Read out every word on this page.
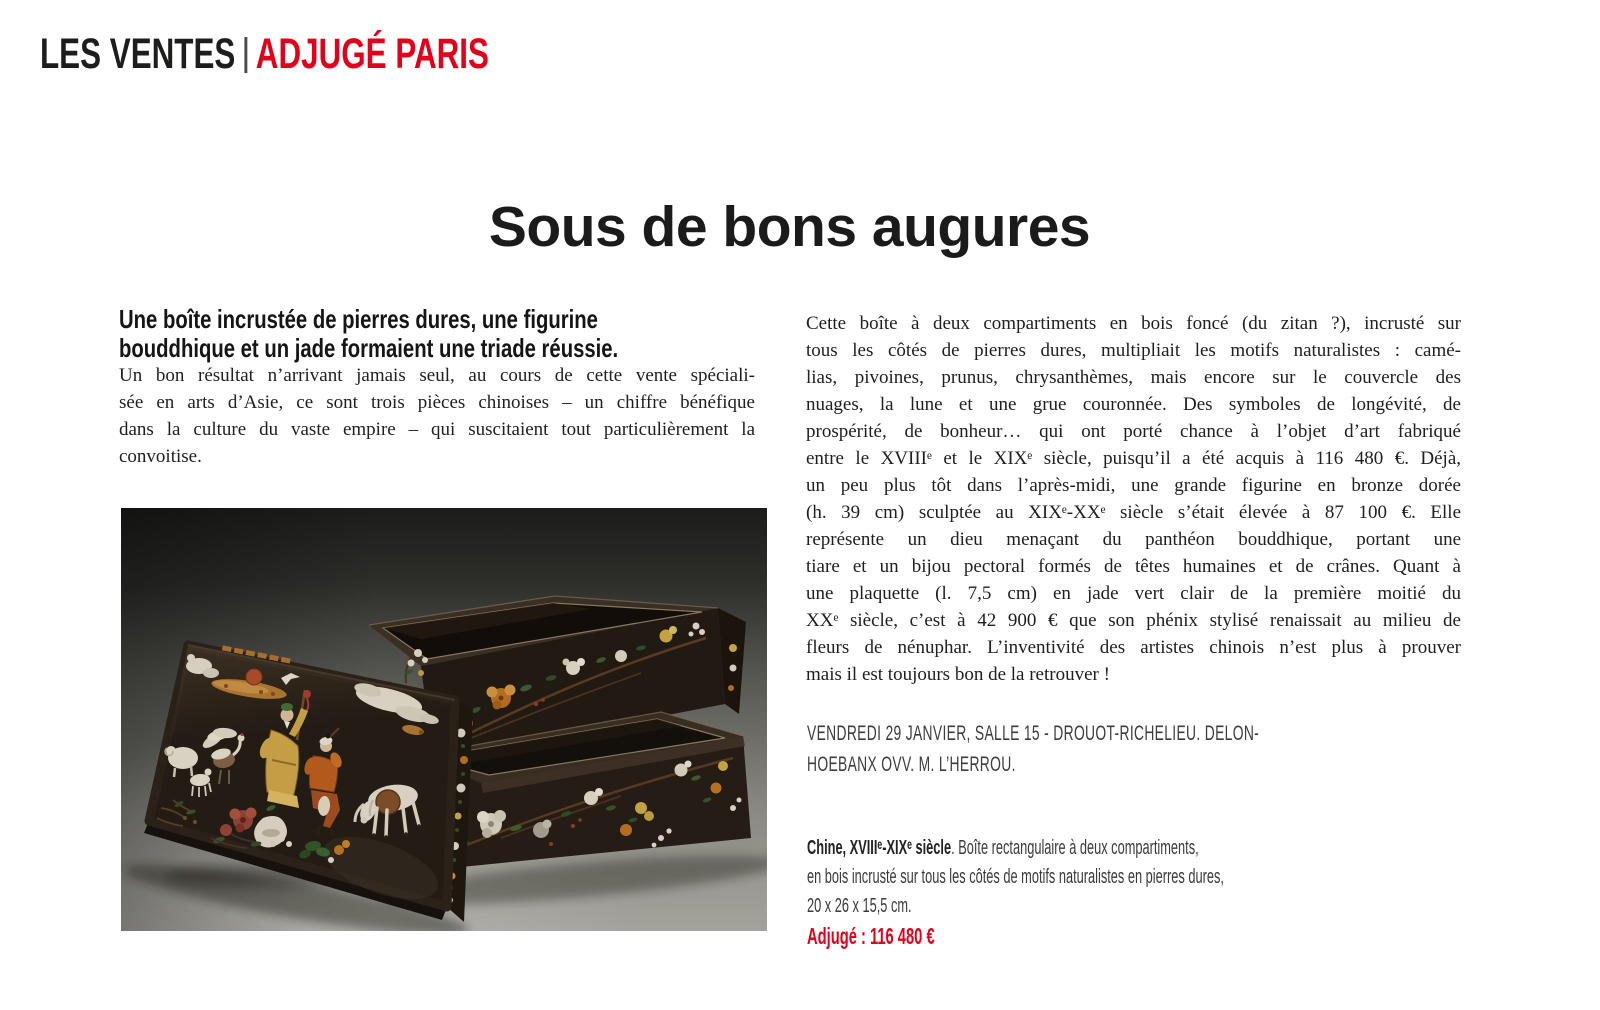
LES VENTES ADJUGÉ PARIS
Sous de bons augures
Une boîte incrustée de pierres dures, une figurine
bouddhique et un jade formaient une triade réussie.
Un bon résultat n’arrivant jamais seul, au cours de cette vente spéciali-
sée en arts d’Asie, ce sont trois pièces chinoises – un chiffre bénéfique
dans la culture du vaste empire – qui suscitaient tout particulièrement la
convoitise.
Cette boîte à deux compartiments en bois foncé (du zitan ?), incrusté sur
tous les côtés de pierres dures, multipliait les motifs naturalistes : camé-
lias, pivoines, prunus, chrysanthèmes, mais encore sur le couvercle des
nuages, la lune et une grue couronnée. Des symboles de longévité, de
prospérité, de bonheur… qui ont porté chance à l’objet d’art fabriqué
entre le XVIIIᵉ et le XIXᵉ siècle, puisqu’il a été acquis à 116 480 €. Déjà,
un peu plus tôt dans l’après-midi, une grande figurine en bronze dorée
(h. 39 cm) sculptée au XIXᵉ-XXᵉ siècle s’était élevée à 87 100 €. Elle
représente un dieu menaçant du panthéon bouddhique, portant une
tiare et un bijou pectoral formés de têtes humaines et de crânes. Quant à
une plaquette (l. 7,5 cm) en jade vert clair de la première moitié du
XXᵉ siècle, c’est à 42 900 € que son phénix stylisé renaissait au milieu de
fleurs de nénuphar. L’inventivité des artistes chinois n’est plus à prouver
mais il est toujours bon de la retrouver !
VENDREDI 29 JANVIER, SALLE 15 - DROUOT-RICHELIEU. DELON-
HOEBANX OVV. M. L’HERROU.
Chine, XVIIIᵉ-XIXᵉ siècle. Boîte rectangulaire à deux compartiments,
en bois incrusté sur tous les côtés de motifs naturalistes en pierres dures,
20 x 26 x 15,5 cm.
Adjugé : 116 480 €
